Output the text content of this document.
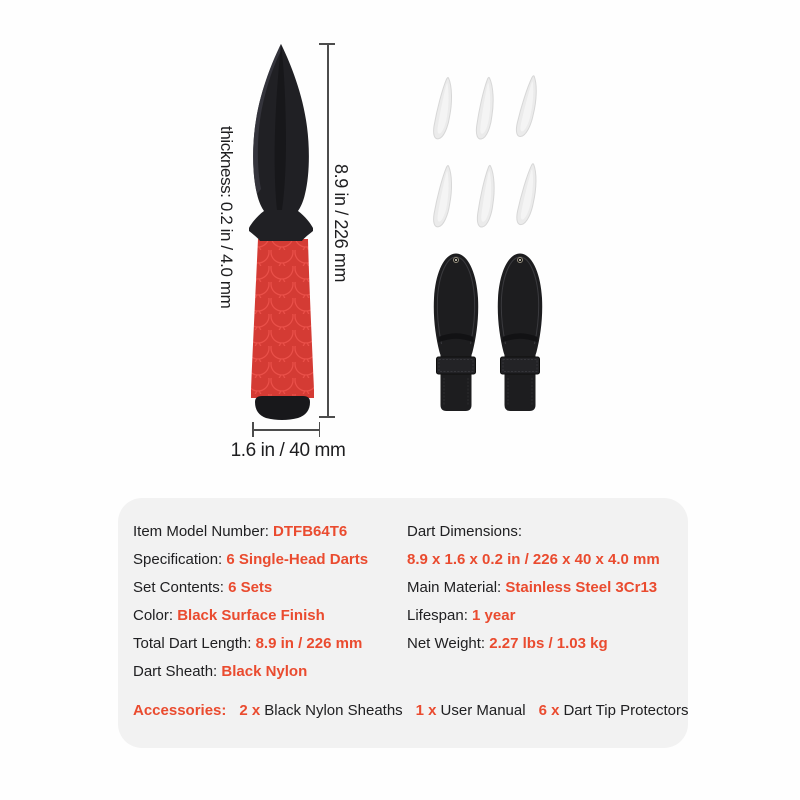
8.9 in / 226 mm
thickness: 0.2 in / 4.0 mm
1.6 in / 40 mm
Item Model Number: DTFB64T6
Specification: 6 Single-Head Darts
Set Contents: 6 Sets
Color: Black Surface Finish
Total Dart Length: 8.9 in / 226 mm
Dart Sheath: Black Nylon
Dart Dimensions:
8.9 x 1.6 x 0.2 in / 226 x 40 x 4.0 mm
Main Material: Stainless Steel 3Cr13
Lifespan: 1 year
Net Weight: 2.27 lbs / 1.03 kg
Accessories: 2 x Black Nylon Sheaths 1 x User Manual 6 x Dart Tip Protectors
